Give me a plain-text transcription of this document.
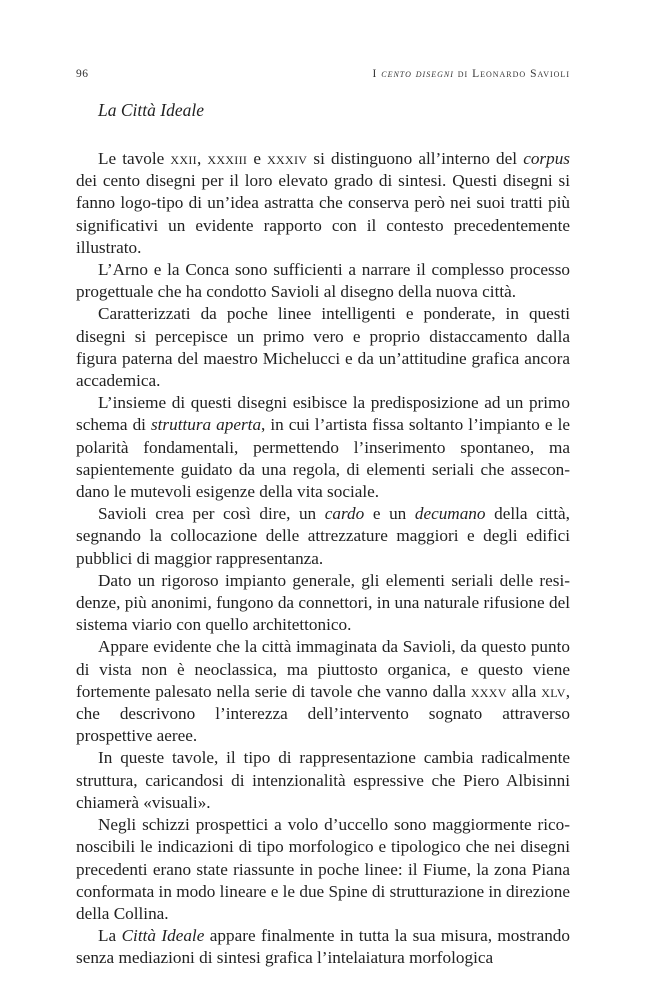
96	I cento disegni di Leonardo Savioli
La Città Ideale

Le tavole xxii, xxxiii e xxxiv si distinguono all’interno del corpus dei cento disegni per il loro elevato grado di sintesi. Questi disegni si fanno logo-tipo di un’idea astratta che conserva però nei suoi tratti più significativi un evidente rapporto con il contesto precedentemente illustrato.

L’Arno e la Conca sono sufficienti a narrare il complesso processo progettuale che ha condotto Savioli al disegno della nuova città.

Caratterizzati da poche linee intelligenti e ponderate, in questi disegni si percepisce un primo vero e proprio distaccamento dalla figura paterna del maestro Michelucci e da un’attitudine grafica ancora accademica.

L’insieme di questi disegni esibisce la predisposizione ad un primo schema di struttura aperta, in cui l’artista fissa soltanto l’impianto e le polarità fondamentali, permettendo l’inserimento spontaneo, ma sapientemente guidato da una regola, di elementi seriali che assecondano le mutevoli esigenze della vita sociale.

Savioli crea per così dire, un cardo e un decumano della città, segnando la collocazione delle attrezzature maggiori e degli edifici pubblici di maggior rappresentanza.

Dato un rigoroso impianto generale, gli elementi seriali delle residenze, più anonimi, fungono da connettori, in una naturale rifusione del sistema viario con quello architettonico.

Appare evidente che la città immaginata da Savioli, da questo punto di vista non è neoclassica, ma piuttosto organica, e questo viene fortemente palesato nella serie di tavole che vanno dalla xxxv alla xlv, che descrivono l’interezza dell’intervento sognato attraverso prospettive aeree.

In queste tavole, il tipo di rappresentazione cambia radicalmente struttura, caricandosi di intenzionalità espressive che Piero Albisinni chiamerà «visuali».

Negli schizzi prospettici a volo d’uccello sono maggiormente riconoscibili le indicazioni di tipo morfologico e tipologico che nei disegni precedenti erano state riassunte in poche linee: il Fiume, la zona Piana conformata in modo lineare e le due Spine di strutturazione in direzione della Collina.

La Città Ideale appare finalmente in tutta la sua misura, mostrando senza mediazioni di sintesi grafica l’intelaiatura morfologica
